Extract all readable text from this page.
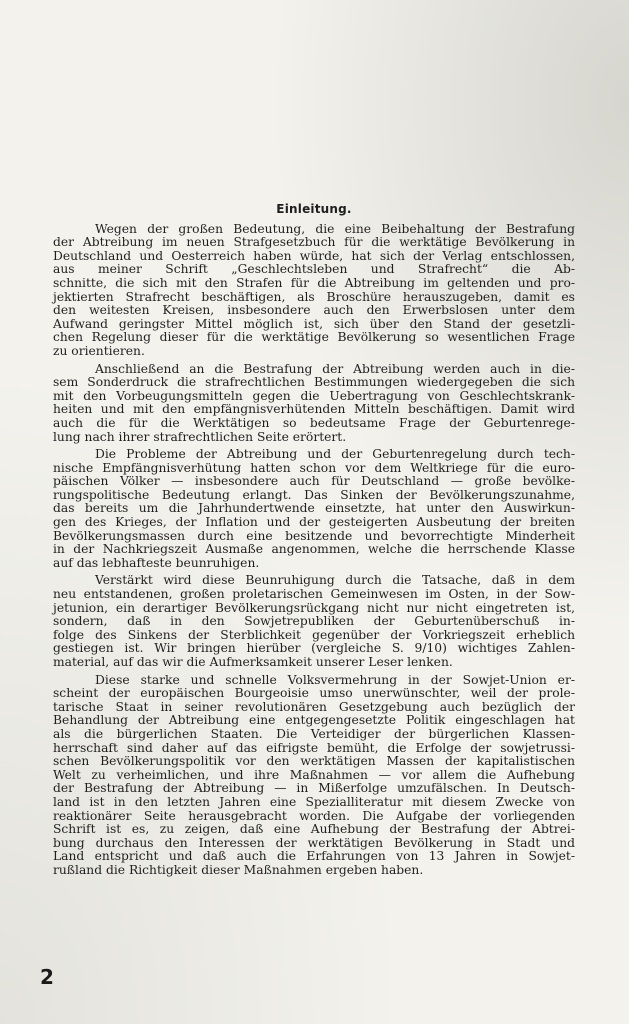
Einleitung.
Wegen der großen Bedeutung, die eine Beibehaltung der Bestrafung
der Abtreibung im neuen Strafgesetzbuch für die werktätige Bevölkerung in
Deutschland und Oesterreich haben würde, hat sich der Verlag entschlossen,
aus meiner Schrift „Geschlechtsleben und Strafrecht“ die Ab-
schnitte, die sich mit den Strafen für die Abtreibung im geltenden und pro-
jektierten Strafrecht beschäftigen, als Broschüre herauszugeben, damit es
den weitesten Kreisen, insbesondere auch den Erwerbslosen unter dem
Aufwand geringster Mittel möglich ist, sich über den Stand der gesetzli-
chen Regelung dieser für die werktätige Bevölkerung so wesentlichen Frage
zu orientieren.
Anschließend an die Bestrafung der Abtreibung werden auch in die-
sem Sonderdruck die strafrechtlichen Bestimmungen wiedergegeben die sich
mit den Vorbeugungsmitteln gegen die Uebertragung von Geschlechtskrank-
heiten und mit den empfängnisverhütenden Mitteln beschäftigen. Damit wird
auch die für die Werktätigen so bedeutsame Frage der Geburtenrege-
lung nach ihrer strafrechtlichen Seite erörtert.
Die Probleme der Abtreibung und der Geburtenregelung durch tech-
nische Empfängnisverhütung hatten schon vor dem Weltkriege für die euro-
päischen Völker — insbesondere auch für Deutschland — große bevölke-
rungspolitische Bedeutung erlangt. Das Sinken der Bevölkerungszunahme,
das bereits um die Jahrhundertwende einsetzte, hat unter den Auswirkun-
gen des Krieges, der Inflation und der gesteigerten Ausbeutung der breiten
Bevölkerungsmassen durch eine besitzende und bevorrechtigte Minderheit
in der Nachkriegszeit Ausmaße angenommen, welche die herrschende Klasse
auf das lebhafteste beunruhigen.
Verstärkt wird diese Beunruhigung durch die Tatsache, daß in dem
neu entstandenen, großen proletarischen Gemeinwesen im Osten, in der Sow-
jetunion, ein derartiger Bevölkerungsrückgang nicht nur nicht eingetreten ist,
sondern, daß in den Sowjetrepubliken der Geburtenüberschuß in-
folge des Sinkens der Sterblichkeit gegenüber der Vorkriegszeit erheblich
gestiegen ist. Wir bringen hierüber (vergleiche S. 9/10) wichtiges Zahlen-
material, auf das wir die Aufmerksamkeit unserer Leser lenken.
Diese starke und schnelle Volksvermehrung in der Sowjet-Union er-
scheint der europäischen Bourgeoisie umso unerwünschter, weil der prole-
tarische Staat in seiner revolutionären Gesetzgebung auch bezüglich der
Behandlung der Abtreibung eine entgegengesetzte Politik eingeschlagen hat
als die bürgerlichen Staaten. Die Verteidiger der bürgerlichen Klassen-
herrschaft sind daher auf das eifrigste bemüht, die Erfolge der sowjetrussi-
schen Bevölkerungspolitik vor den werktätigen Massen der kapitalistischen
Welt zu verheimlichen, und ihre Maßnahmen — vor allem die Aufhebung
der Bestrafung der Abtreibung — in Mißerfolge umzufälschen. In Deutsch-
land ist in den letzten Jahren eine Spezialliteratur mit diesem Zwecke von
reaktionärer Seite herausgebracht worden. Die Aufgabe der vorliegenden
Schrift ist es, zu zeigen, daß eine Aufhebung der Bestrafung der Abtrei-
bung durchaus den Interessen der werktätigen Bevölkerung in Stadt und
Land entspricht und daß auch die Erfahrungen von 13 Jahren in Sowjet-
rußland die Richtigkeit dieser Maßnahmen ergeben haben.
2
